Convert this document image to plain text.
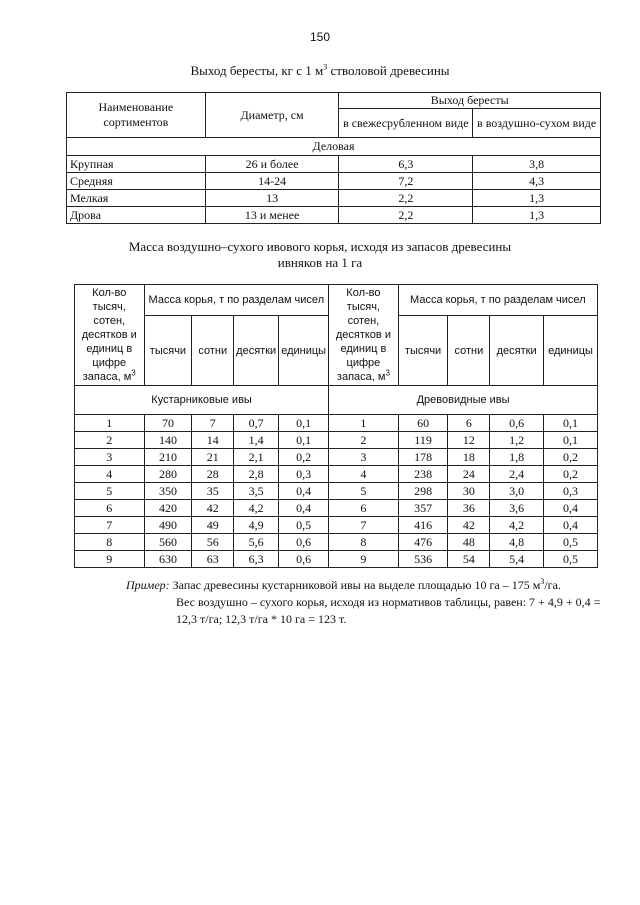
150
Выход бересты, кг с 1 $м^3$ стволовой древесины
Наименование сортиментов	Диаметр, см	Выход бересты	
		в свежесрубленном виде	в воздушно-сухом виде
Деловая			
Крупная	26 и более	6,3	3,8
Средняя	14-24	7,2	4,3
Мелкая	13	2,2	1,3
Дрова	13 и менее	2,2	1,3
Масса воздушно–сухого ивового корья, исходя из запасов древесины
ивняков на 1 га
Кол-во тысяч, сотен, десятков и единиц в цифре запаса, $м^3$	Масса корья, т по разделам чисел				Кол-во тысяч, сотен, десятков и единиц в цифре запаса, $м^3$	Масса корья, т по разделам чисел			
	тысячи	сотни	десятки	единицы		тысячи	сотни	десятки	единицы
Кустарниковые ивы					Древовидные ивы				
1	70	7	0,7	0,1	1	60	6	0,6	0,1
2	140	14	1,4	0,1	2	119	12	1,2	0,1
3	210	21	2,1	0,2	3	178	18	1,8	0,2
4	280	28	2,8	0,3	4	238	24	2,4	0,2
5	350	35	3,5	0,4	5	298	30	3,0	0,3
6	420	42	4,2	0,4	6	357	36	3,6	0,4
7	490	49	4,9	0,5	7	416	42	4,2	0,4
8	560	56	5,6	0,6	8	476	48	4,8	0,5
9	630	63	6,3	0,6	9	536	54	5,4	0,5
Пример: Запас древесины кустарниковой ивы на выделе площадью 10 га – 175 $м^3/га$.
Вес воздушно – сухого корья, исходя из нормативов таблицы, равен: 7 + 4,9 + 0,4 = 12,3 т/га; 12,3 т/га * 10 га = 123 т.
